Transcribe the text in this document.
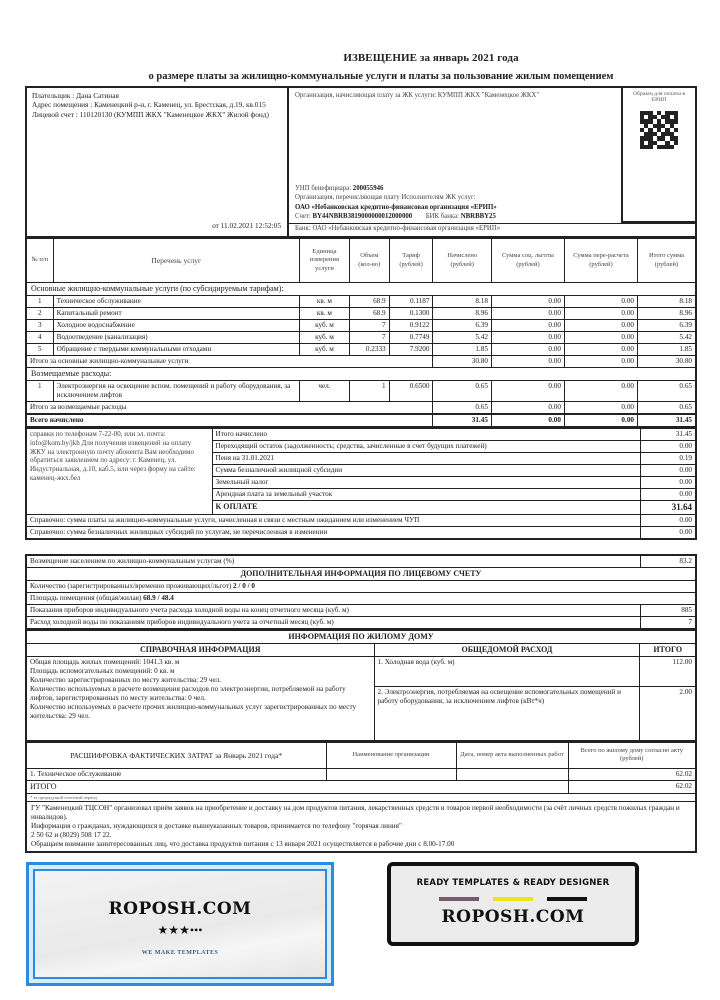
ИЗВЕЩЕНИЕ за январь 2021 года
о размере платы за жилищно-коммунальные услуги и платы за пользование жилым помещением
Плательщик : Дана Сатиная
Адрес помещения : Каменецкий р-н, г. Каменец, ул. Брестская, д.19, кв.015
Лицевой счет : 110120130 (КУМПП ЖКХ "Каменецкое ЖКХ" Жилой фонд)
от 11.02.2021 12:52:05
Организация, начисляющая плату за ЖК услуги: КУМПП ЖКХ "Каменецкое ЖКХ"
УНП бенефициара: 200055946
Организация, перечисляющая плату Исполнителям ЖК услуг:
ОАО «Небанковская кредитно-финансовая организация «ЕРИП»
Счет: BY44NBRB3819000000012000000 БИК банка: NBRBBY25
Образец для оплаты в ЕРИП
Банк: ОАО «Небанковская кредитно-финансовая организация «ЕРИП»
№ п/п	Перечень услуг	Единица измерения услуги	Объем (кол-во)	Тариф (рублей)	Начислено (рублей)	Сумма соц. льготы (рублей)	Сумма пере-расчета (рублей)	Итого сумма (рублей)
Основные жилищно-коммунальные услуги (по субсидируемым тарифам):								
1	Техническое обслуживание	кв. м	68.9	0.1187	8.18	0.00	0.00	8.18
2	Капитальный ремонт	кв. м	68.9	0.1300	8.96	0.00	0.00	8.96
3	Холодное водоснабжение	куб. м	7	0.9122	6.39	0.00	0.00	6.39
4	Водоотведение (канализация)	куб. м	7	0.7749	5.42	0.00	0.00	5.42
5	Обращение с твердыми коммунальными отходами	куб. м	0.2333	7.9200	1.85	0.00	0.00	1.85
Итого за основные жилищно-коммунальные услуги					30.80	0.00	0.00	30.80
Возмещаемые расходы:								
1	Электроэнергия на освещение вспом. помещений и работу оборудования, за исключением лифтов	чел.	1	0.6500	0.65	0.00	0.00	0.65
Итого за возмещаемые расходы					0.65	0.00	0.00	0.65
Всего начислено					31.45	0.00	0.00	31.45
справки по телефонам 7-22-00, или эл. почта: info@kom.by/jkh Для получения извещений на оплату ЖКУ на электронную почту абонента Вам необходимо обратиться заявлением по адресу: г. Каменец, ул. Индустриальная, д.10, каб.5, или через форму на сайте: каменец-жкх.бел	Итого начислено	31.45
	Переходящий остаток (задолженность; средства, зачисленные в счет будущих платежей)	0.00
	Пеня на 31.01.2021	0.19
	Сумма безналичной жилищной субсидии	0.00
	Земельный налог	0.00
	Арендная плата за земельный участок	0.00
	К ОПЛАТЕ	31.64
Справочно: сумма платы за жилищно-коммунальные услуги, начисленная в связи с местным ожиданием или изменением ЧУП		0.00
Справочно: сумма безналичных жилищных субсидий по услугам, не перечисленная в изменении		0.00
Возмещение населением по жилищно-коммунальным услугам (%)	83.2
ДОПОЛНИТЕЛЬНАЯ ИНФОРМАЦИЯ ПО ЛИЦЕВОМУ СЧЕТУ	
Количество (зарегистрированных/временно проживающих/льгот) 2 / 0 / 0	
Площадь помещения (общая/жилая) 68.9 / 48.4	
Показания приборов индивидуального учета расхода холодной воды на конец отчетного месяца (куб. м)	885
Расход холодной воды по показаниям приборов индивидуального учета за отчетный месяц (куб. м)	7
ИНФОРМАЦИЯ ПО ЖИЛОМУ ДОМУ		
СПРАВОЧНАЯ ИНФОРМАЦИЯ	ОБЩЕДОМОЙ РАСХОД	ИТОГО

Общая площадь жилых помещений: 1041.3 кв. м
Площадь вспомогательных помещений: 0 кв. м
Количество зарегистрированных по месту жительства: 29 чел.
Количество используемых в расчете возмещения расходов по электроэнергии, потребляемой на работу лифтов, зарегистрированных по месту жительства: 0 чел.
Количество используемых в расчете прочих жилищно-коммунальных услуг зарегистрированных по месту жительства: 29 чел.	1. Холодная вода (куб. м)	112.00
	2. Электроэнергия, потребляемая на освещение вспомогательных помещений и работу оборудования, за исключением лифтов (кВт*ч)	2.00
РАСШИФРОВКА ФАКТИЧЕСКИХ ЗАТРАТ за Январь 2021 года*	Наименование организации	Дата, номер акта выполненных работ	Всего по жилому дому согласно акту (рублей)
1. Техническое обслуживание			62.02
ИТОГО			62.02
* за предыдущий отчетный период			

ГУ "Каменецкий ТЦСОН" организовал приём заявок на приобретение и доставку на дом продуктов питания, лекарственных средств и товаров первой необходимости (за счёт личных средств пожилых граждан и инвалидов).
Информация о гражданах, нуждающихся в доставке вышеуказанных товаров, принимается по телефону "горячая линия"
2 50 62 и (8029) 508 17 22.
Обращаем внимание заинтересованных лиц, что доставка продуктов питания с 13 января 2021 осуществляется в рабочие дни с 8.00-17.00			
ROPOSH.COM
★★★•••
WE MAKE TEMPLATES
READY TEMPLATES & READY DESIGNER
ROPOSH.COM
